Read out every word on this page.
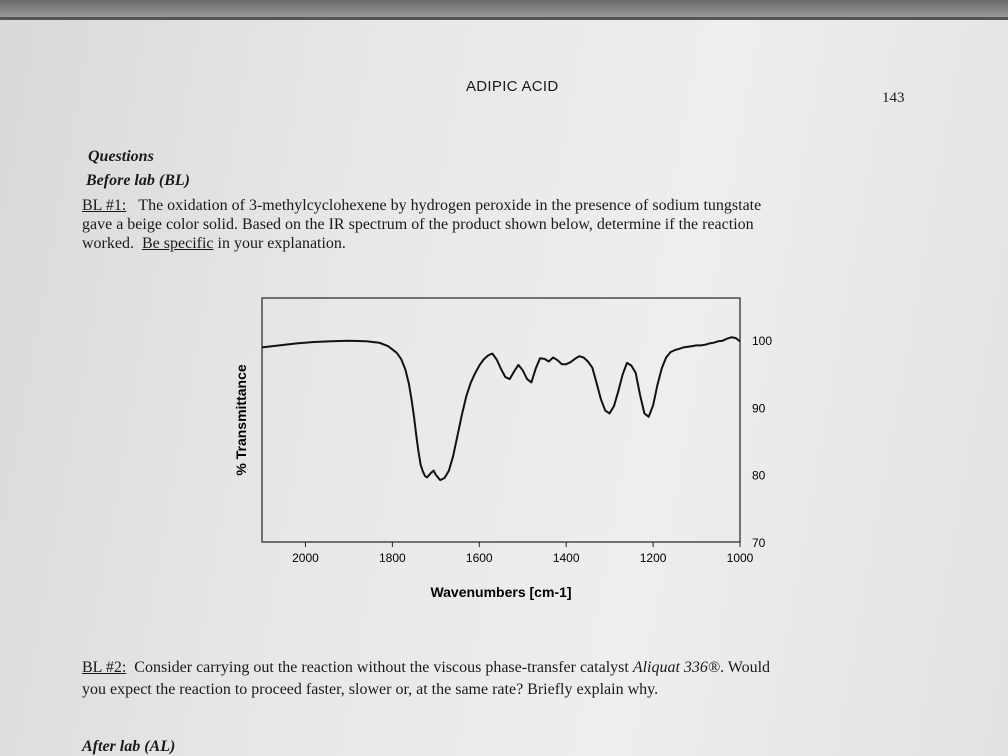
ADIPIC ACID
143
Questions
Before lab (BL)
BL #1: The oxidation of 3-methylcyclohexene by hydrogen peroxide in the presence of sodium tungstate
gave a beige color solid. Based on the IR spectrum of the product shown below, determine if the reaction
worked. Be specific in your explanation.
2000	1800	1600	1400	1200	1000
70
80
90
100
% Transmittance
Wavenumbers [cm-1]
BL #2: Consider carrying out the reaction without the viscous phase-transfer catalyst Aliquat 336®. Would
you expect the reaction to proceed faster, slower or, at the same rate? Briefly explain why.
After lab (AL)
